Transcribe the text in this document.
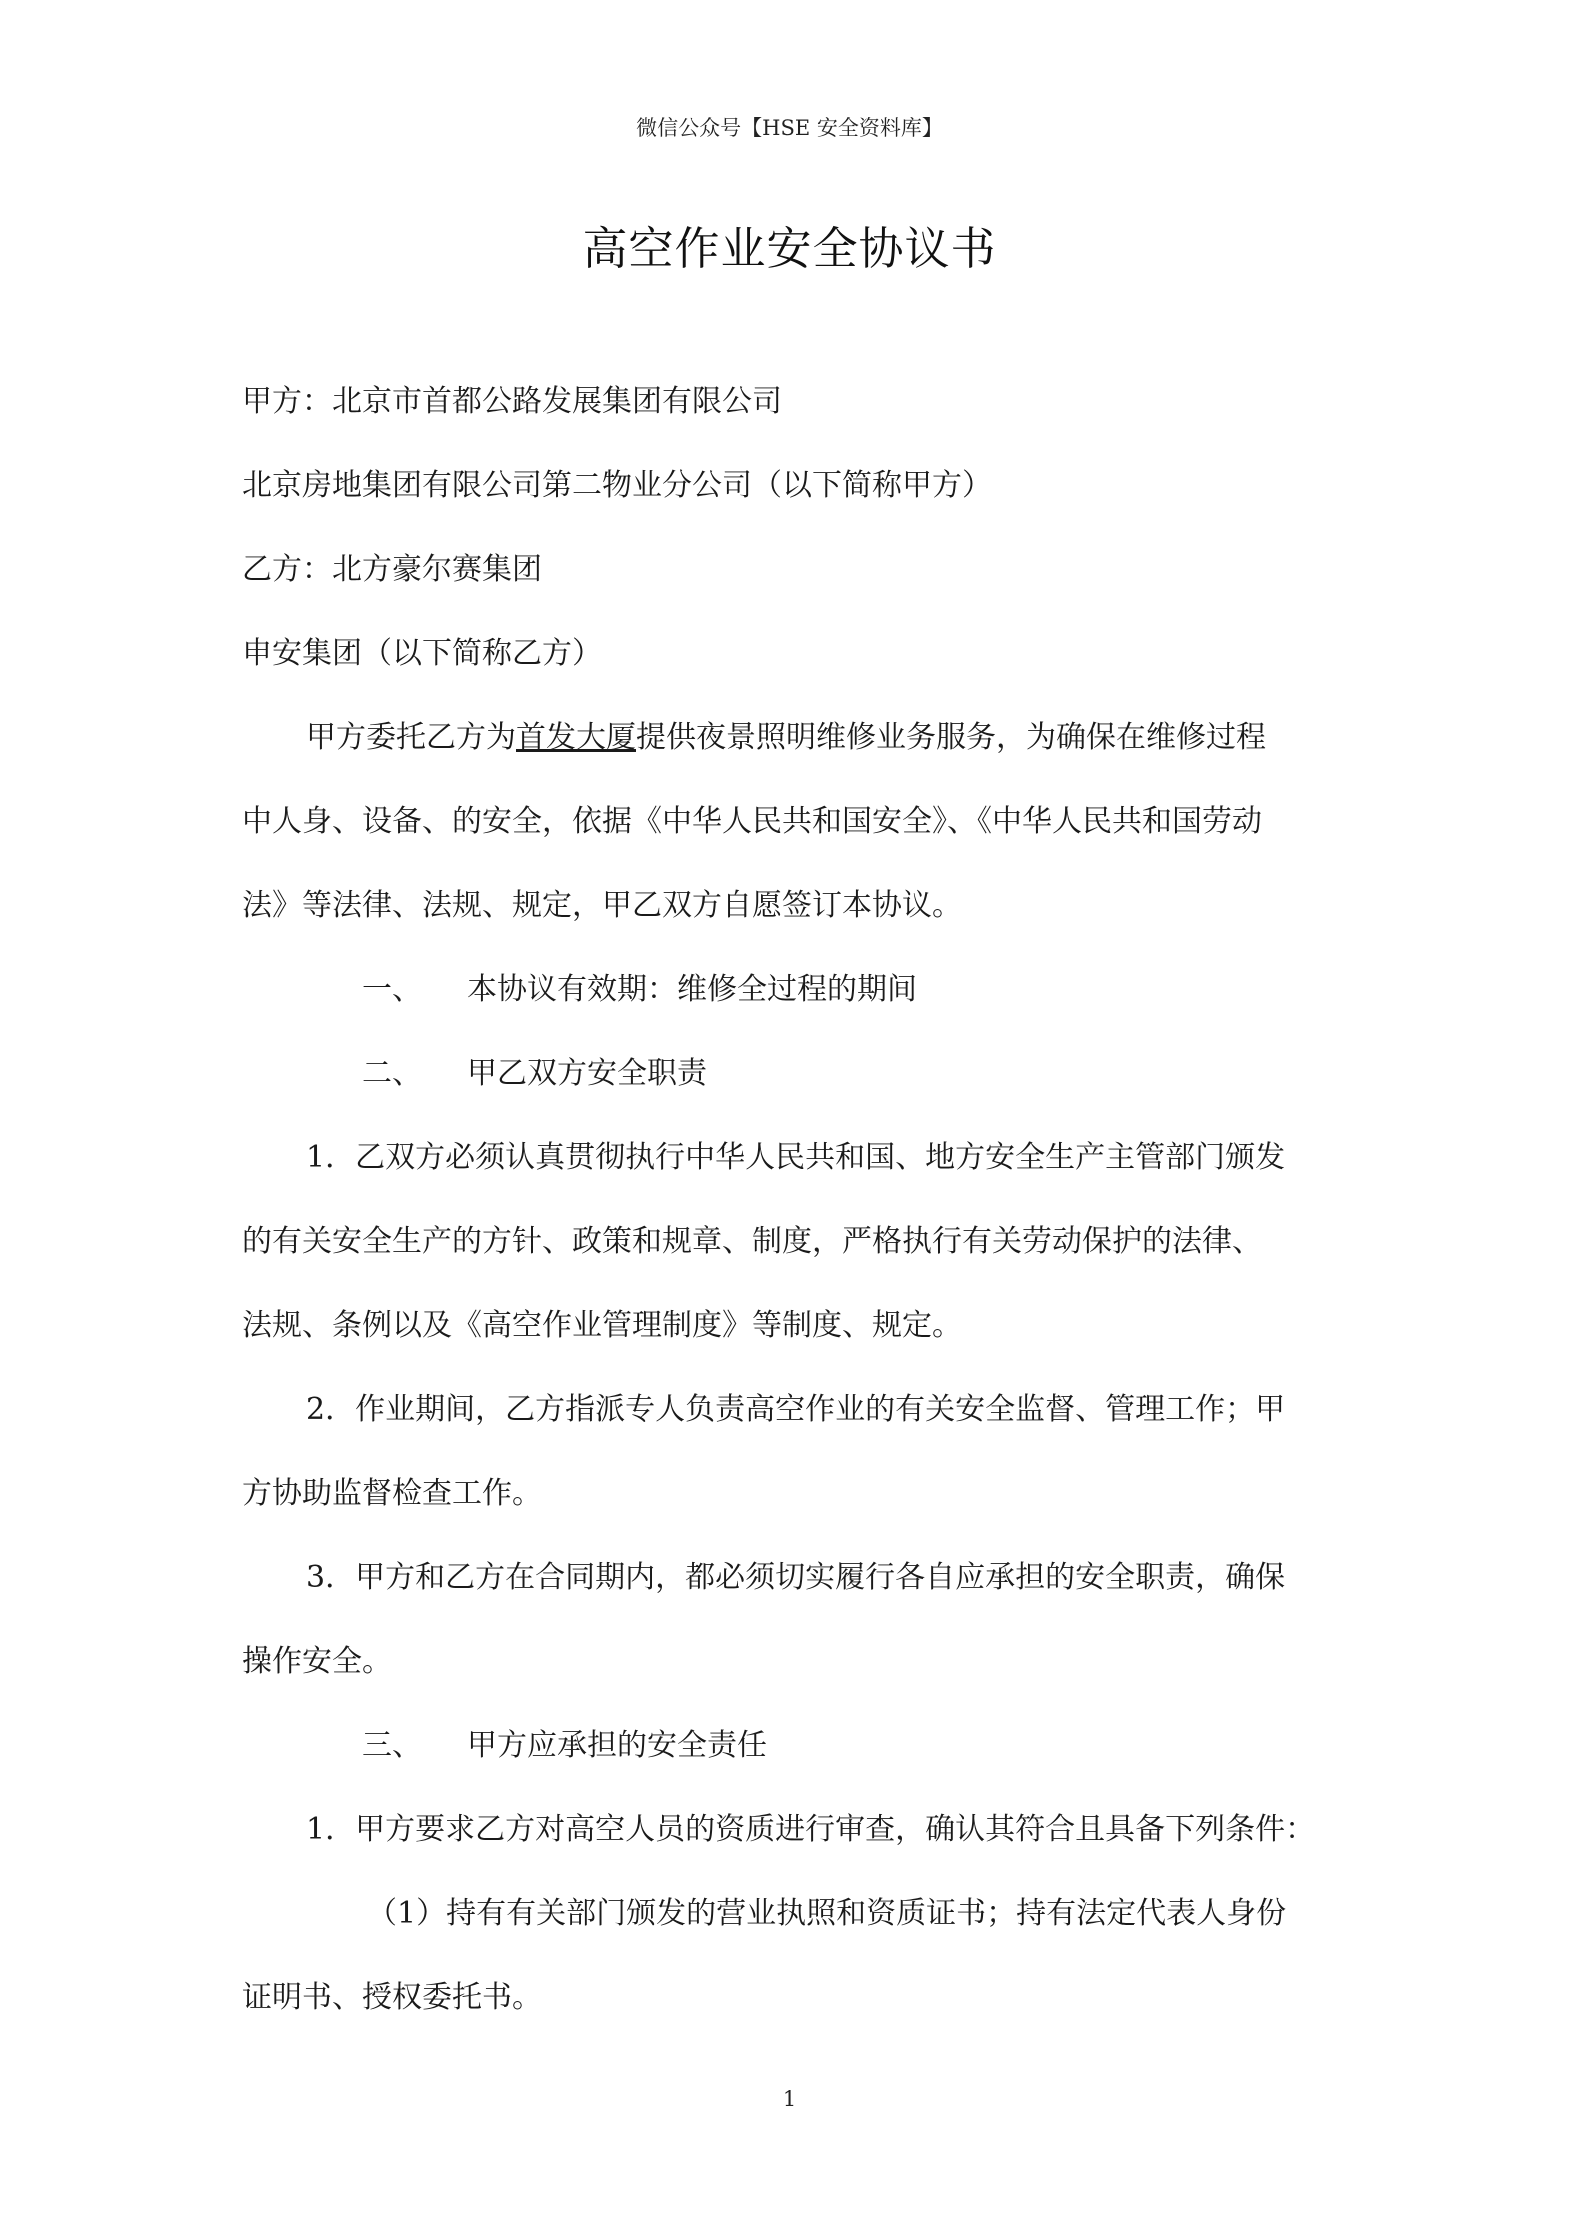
微信公众号【HSE 安全资料库】
高空作业安全协议书

甲方：北京市首都公路发展集团有限公司

北京房地集团有限公司第二物业分公司（以下简称甲方）

乙方：北方豪尔赛集团

申安集团（以下简称乙方）

甲方委托乙方为首发大厦提供夜景照明维修业务服务，为确保在维修过程

中人身、设备、的安全，依据《中华人民共和国安全》、《中华人民共和国劳动

法》等法律、法规、规定，甲乙双方自愿签订本协议。

一、 本协议有效期：维修全过程的期间

二、 甲乙双方安全职责

1．乙双方必须认真贯彻执行中华人民共和国、地方安全生产主管部门颁发

的有关安全生产的方针、政策和规章、制度，严格执行有关劳动保护的法律、

法规、条例以及《高空作业管理制度》等制度、规定。

2．作业期间，乙方指派专人负责高空作业的有关安全监督、管理工作；甲

方协助监督检查工作。

3．甲方和乙方在合同期内，都必须切实履行各自应承担的安全职责，确保

操作安全。

三、 甲方应承担的安全责任

1．甲方要求乙方对高空人员的资质进行审查，确认其符合且具备下列条件：

（1）持有有关部门颁发的营业执照和资质证书；持有法定代表人身份

证明书、授权委托书。

1
